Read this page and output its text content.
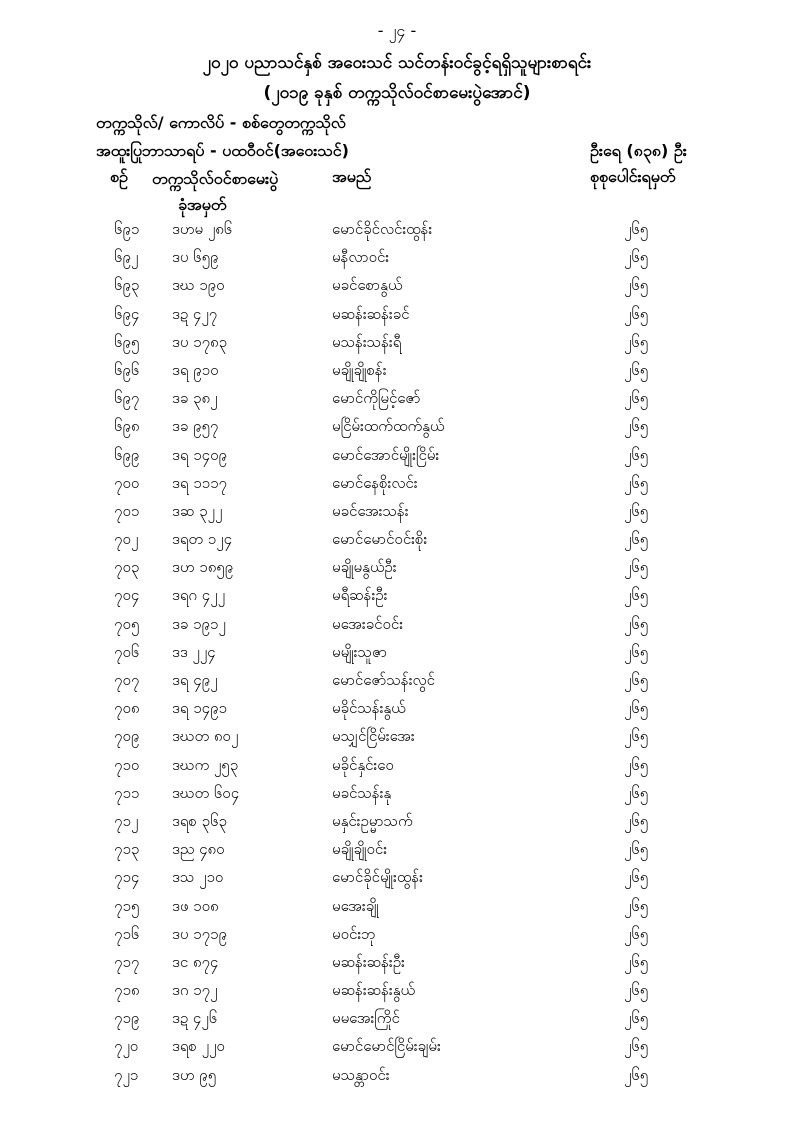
- ၂၄ -
၂၀၂၀ ပညာသင်နှစ် အဝေးသင် သင်တန်းဝင်ခွင့်ရရှိသူများစာရင်း
(၂၀၁၉ ခုနှစ် တက္ကသိုလ်ဝင်စာမေးပွဲအောင်)
တက္ကသိုလ်/ ကောလိပ် - စစ်တွေတက္ကသိုလ်
အထူးပြုဘာသာရပ် - ပထဝီဝင်(အဝေးသင်)	ဦးရေ (၈၃၈) ဦး
စဉ် တက္ကသိုလ်ဝင်စာမေးပွဲ
ခုံအမှတ်
အမည်	စုစုပေါင်းရမှတ်
၆၉၁ ဒဟမ ၂၈၆	မောင်ခိုင်လင်းထွန်း	၂၆၅
၆၉၂ ဒပ ၆၅၉	မနီလာဝင်း	၂၆၅
၆၉၃ ဒဃ ၁၉၀	မခင်စောနွယ်	၂၆၅
၆၉၄ ဒဍ ၄၂၇	မဆန်းဆန်းခင်	၂၆၅
၆၉၅ ဒပ ၁၇၈၃	မသန်းသန်းရီ	၂၆၅
၆၉၆ ဒရ ၉၁၀	မချိုချိုစန်း	၂၆၅
၆၉၇ ဒခ ၃၈၂	မောင်ကိုမြင့်ဇော်	၂၆၅
၆၉၈ ဒခ ၉၅၇	မငြိမ်းထက်ထက်နွယ်	၂၆၅
၆၉၉ ဒရ ၁၄၀၉	မောင်အောင်မျိုးငြိမ်း	၂၆၅
၇၀၀ ဒရ ၁၁၁၇	မောင်နေစိုးလင်း	၂၆၅
၇၀၁ ဒဆ ၃၂၂	မခင်အေးသန်း	၂၆၅
၇၀၂ ဒရတ ၁၂၄	မောင်မောင်ဝင်းစိုး	၂၆၅
၇၀၃ ဒဟ ၁၈၅၉	မချိုမနွယ်ဦး	၂၆၅
၇၀၄ ဒရဂ ၄၂၂	မရီဆန်းဦး	၂၆၅
၇၀၅ ဒခ ၁၉၁၂	မအေးခင်ဝင်း	၂၆၅
၇၀၆ ဒဒ ၂၂၄	မမျိုးသူဇာ	၂၆၅
၇၀၇ ဒရ ၄၉၂	မောင်ဇော်သန်းလွင်	၂၆၅
၇၀၈ ဒရ ၁၄၉၁	မခိုင်သန်းနွယ်	၂၆၅
၇၀၉ ဒဃတ ၈၀၂	မသျှင်ငြိမ်းအေး	၂၆၅
၇၁၀ ဒဃက ၂၅၃	မခိုင်နှင်းဝေ	၂၆၅
၇၁၁ ဒဃတ ၆၀၄	မခင်သန်းနု	၂၆၅
၇၁၂ ဒရစ ၃၆၃	မနှင်းဥမ္မာသက်	၂၆၅
၇၁၃ ဒည ၄၈၀	မချိုချိုဝင်း	၂၆၅
၇၁၄ ဒသ ၂၁၀	မောင်ခိုင်မျိုးထွန်း	၂၆၅
၇၁၅ ဒဖ ၁၀၈	မအေးချို	၂၆၅
၇၁၆ ဒပ ၁၇၁၉	မဝင်းဘု	၂၆၅
၇၁၇ ဒင ၈၇၄	မဆန်းဆန်းဦး	၂၆၅
၇၁၈ ဒဂ ၁၇၂	မဆန်းဆန်းနွယ်	၂၆၅
၇၁၉ ဒဍ ၄၂၆	မမအေးကြိုင်	၂၆၅
၇၂၀ ဒရစ ၂၂၀	မောင်မောင်ငြိမ်းချမ်း	၂၆၅
၇၂၁ ဒဟ ၉၅	မသန္တာဝင်း	၂၆၅
